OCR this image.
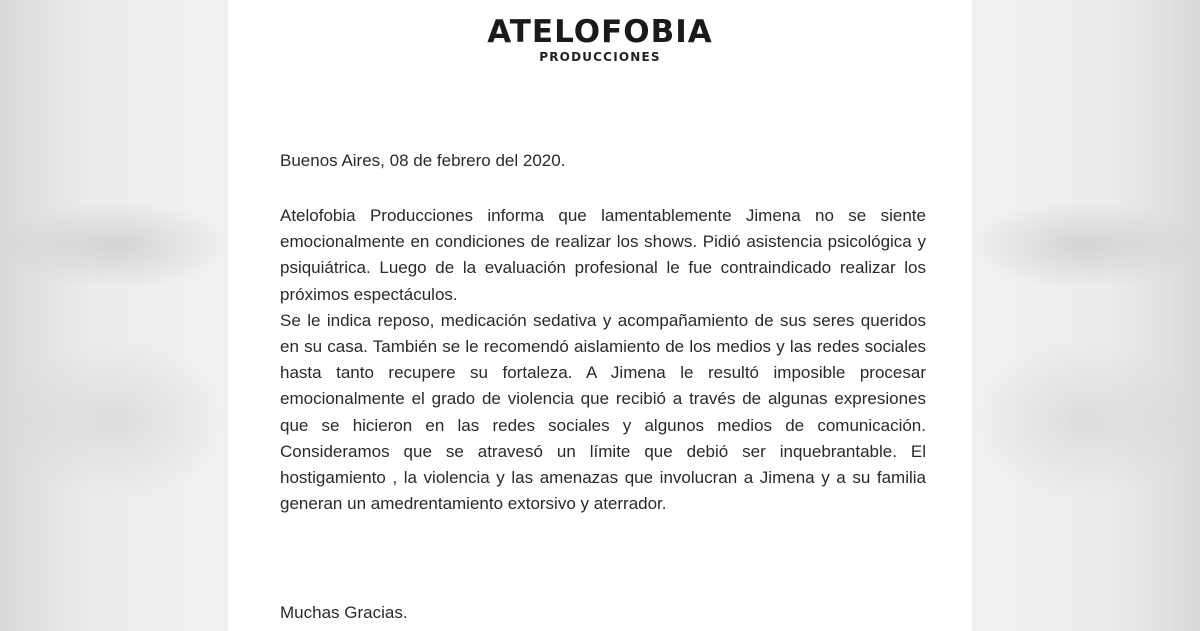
ATELOFOBIA
PRODUCCIONES
Buenos Aires, 08 de febrero del 2020.

Atelofobia Producciones informa que lamentablemente Jimena no se siente emocionalmente en condiciones de realizar los shows. Pidió asistencia psicológica y psiquiátrica. Luego de la evaluación profesional le fue contraindicado realizar los próximos espectáculos.

Se le indica reposo, medicación sedativa y acompañamiento de sus seres queridos en su casa. También se le recomendó aislamiento de los medios y las redes sociales hasta tanto recupere su fortaleza. A Jimena le resultó imposible procesar emocionalmente el grado de violencia que recibió a través de algunas expresiones que se hicieron en las redes sociales y algunos medios de comunicación. Consideramos que se atravesó un límite que debió ser inquebrantable. El hostigamiento , la violencia y las amenazas que involucran a Jimena y a su familia generan un amedrentamiento extorsivo y aterrador.

Muchas Gracias.
